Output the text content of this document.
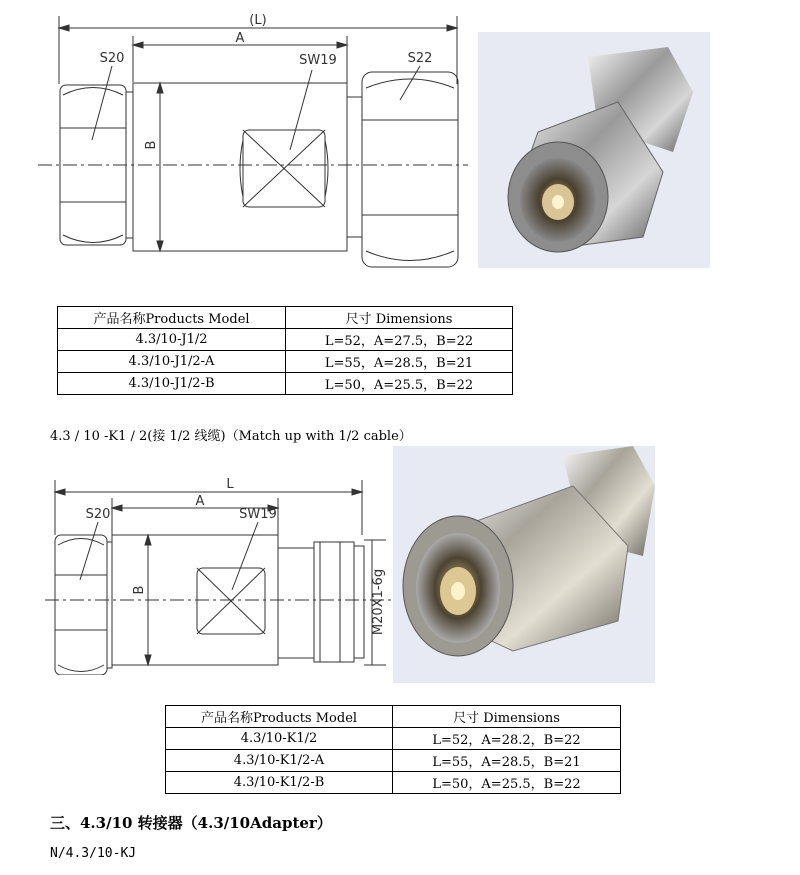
(L)
A
B
S20	SW19	S22
产品名称Products Model	尺寸 Dimensions
4.3/10-J1/2	L=52，A=27.5，B=22
4.3/10-J1/2-A	L=55，A=28.5，B=21
4.3/10-J1/2-B	L=50，A=25.5，B=22
4.3 / 10 -K1 / 2(接 1/2 线缆)（Match up with 1/2 cable）
L
A
B
S20	SW19
M20X1-6g
产品名称Products Model	尺寸 Dimensions
4.3/10-K1/2	L=52，A=28.2，B=22
4.3/10-K1/2-A	L=55，A=28.5，B=21
4.3/10-K1/2-B	L=50，A=25.5，B=22
三、4.3/10 转接器（4.3/10Adapter）
N/4.3/10-KJ
